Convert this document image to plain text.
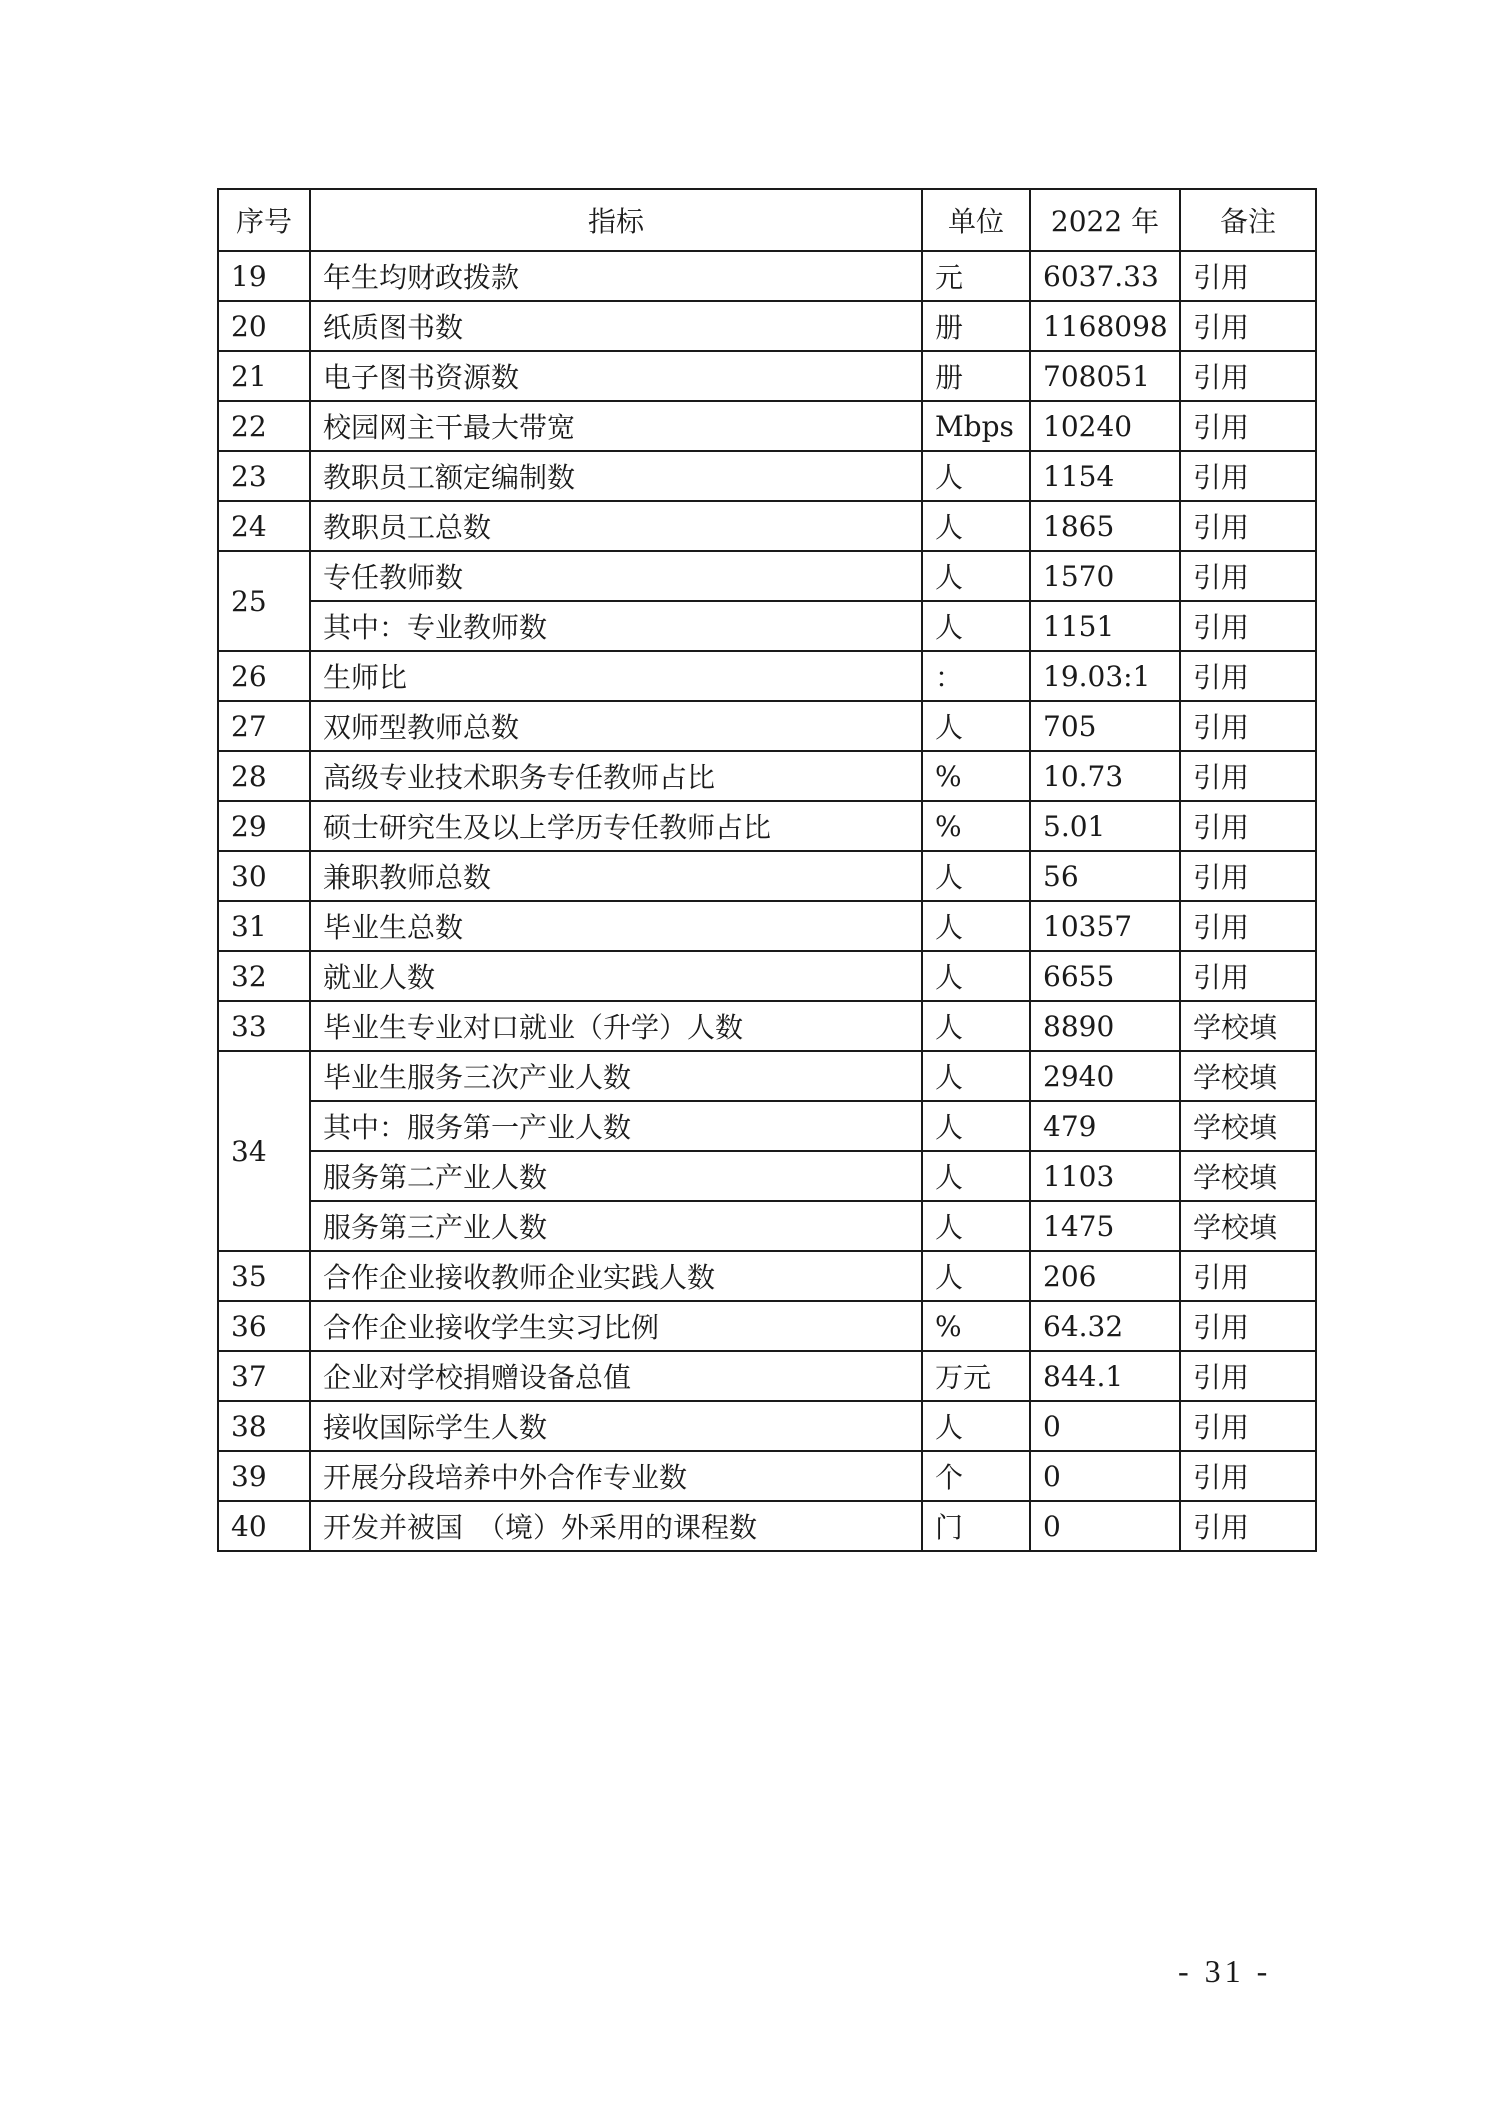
序号	指标	单位	2022 年	备注
19	年生均财政拨款	元	6037.33	引用
20	纸质图书数	册	1168098	引用
21	电子图书资源数	册	708051	引用
22	校园网主干最大带宽	Mbps	10240	引用
23	教职员工额定编制数	人	1154	引用
24	教职员工总数	人	1865	引用
25	专任教师数	人	1570	引用
	其中：专业教师数	人	1151	引用
26	生师比	：	19.03:1	引用
27	双师型教师总数	人	705	引用
28	高级专业技术职务专任教师占比	%	10.73	引用
29	硕士研究生及以上学历专任教师占比	%	5.01	引用
30	兼职教师总数	人	56	引用
31	毕业生总数	人	10357	引用
32	就业人数	人	6655	引用
33	毕业生专业对口就业（升学）人数	人	8890	学校填
34	毕业生服务三次产业人数	人	2940	学校填
	其中：服务第一产业人数	人	479	学校填
	服务第二产业人数	人	1103	学校填
	服务第三产业人数	人	1475	学校填
35	合作企业接收教师企业实践人数	人	206	引用
36	合作企业接收学生实习比例	%	64.32	引用
37	企业对学校捐赠设备总值	万元	844.1	引用
38	接收国际学生人数	人	0	引用
39	开展分段培养中外合作专业数	个	0	引用
40	开发并被国　（境）外采用的课程数	门	0	引用
- 31 -
